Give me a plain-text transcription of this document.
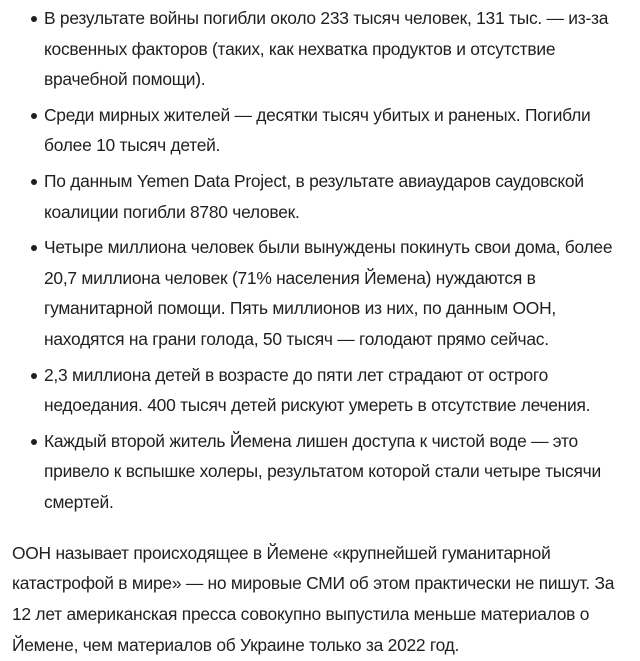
В результате войны погибли около 233 тысяч человек, 131 тыс. — из-за косвенных факторов (таких, как нехватка продуктов и отсутствие врачебной помощи).
Среди мирных жителей — десятки тысяч убитых и раненых. Погибли более 10 тысяч детей.
По данным Yemen Data Project, в результате авиаударов саудовской коалиции погибли 8780 человек.
Четыре миллиона человек были вынуждены покинуть свои дома, более 20,7 миллиона человек (71% населения Йемена) нуждаются в гуманитарной помощи. Пять миллионов из них, по данным ООН, находятся на грани голода, 50 тысяч — голодают прямо сейчас.
2,3 миллиона детей в возрасте до пяти лет страдают от острого недоедания. 400 тысяч детей рискуют умереть в отсутствие лечения.
Каждый второй житель Йемена лишен доступа к чистой воде — это привело к вспышке холеры, результатом которой стали четыре тысячи смертей.

ООН называет происходящее в Йемене «крупнейшей гуманитарной катастрофой в мире» — но мировые СМИ об этом практически не пишут. За 12 лет американская пресса совокупно выпустила меньше материалов о Йемене, чем материалов об Украине только за 2022 год.
